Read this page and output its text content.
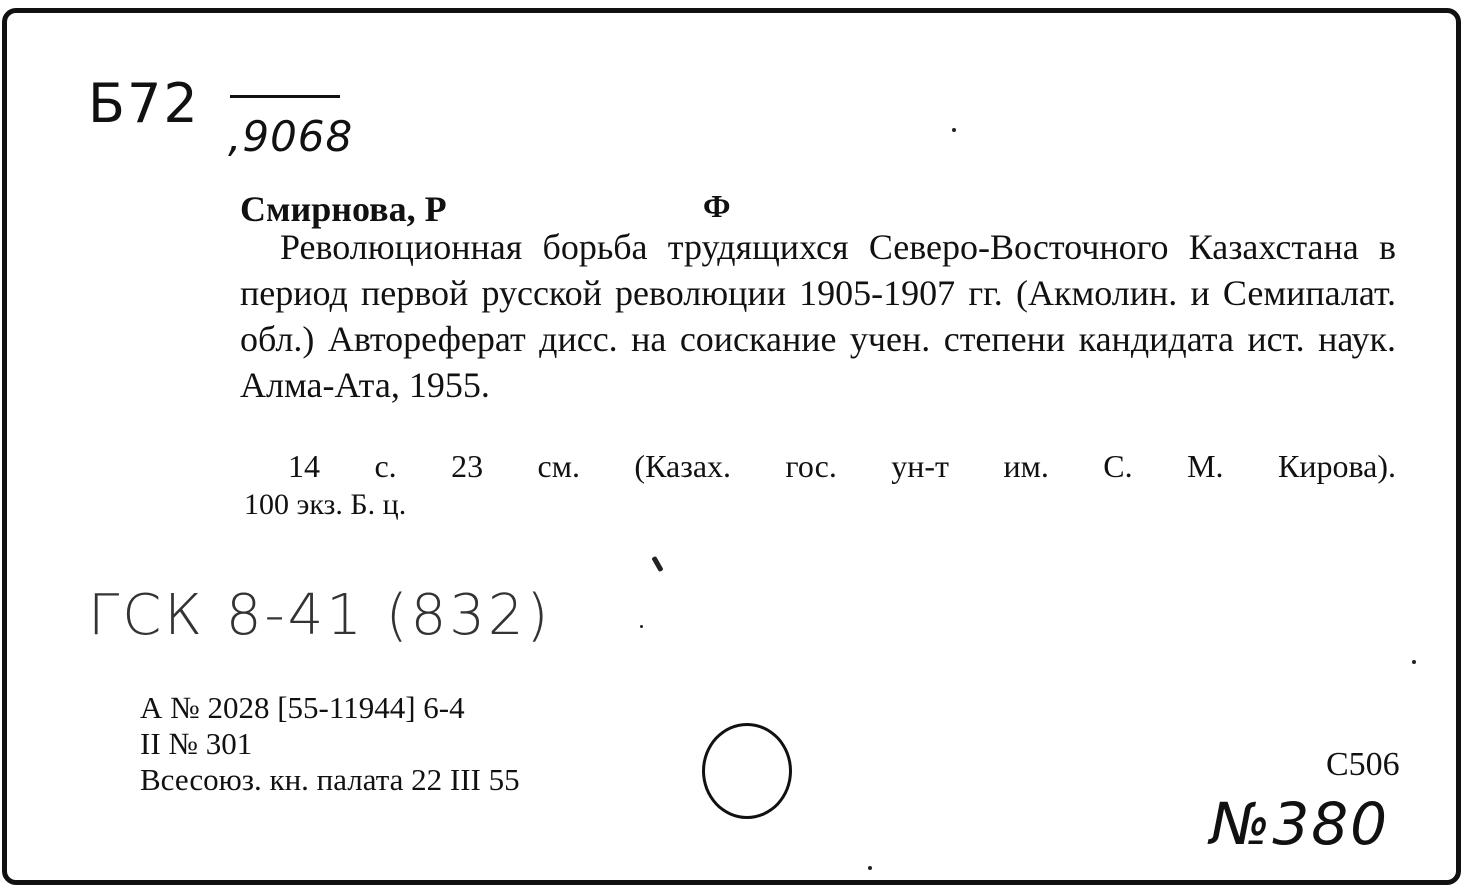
Б72
,9068
Смирнова, Р	Ф
Революционная борьба трудящихся Северо-Восточного Казахстана в период первой русской революции 1905-1907 гг. (Акмолин. и Семипалат. обл.) Автореферат дисс. на соискание учен. степени кандидата ист. наук. Алма-Ата, 1955.
14 с. 23 см. (Казах. гос. ун-т им. С. М. Кирова).
100 экз. Б. ц.
ГСК 8-41 (832)
А № 2028 [55-11944] 6-4
II № 301
Всесоюз. кн. палата 22 III 55	С506
№380
